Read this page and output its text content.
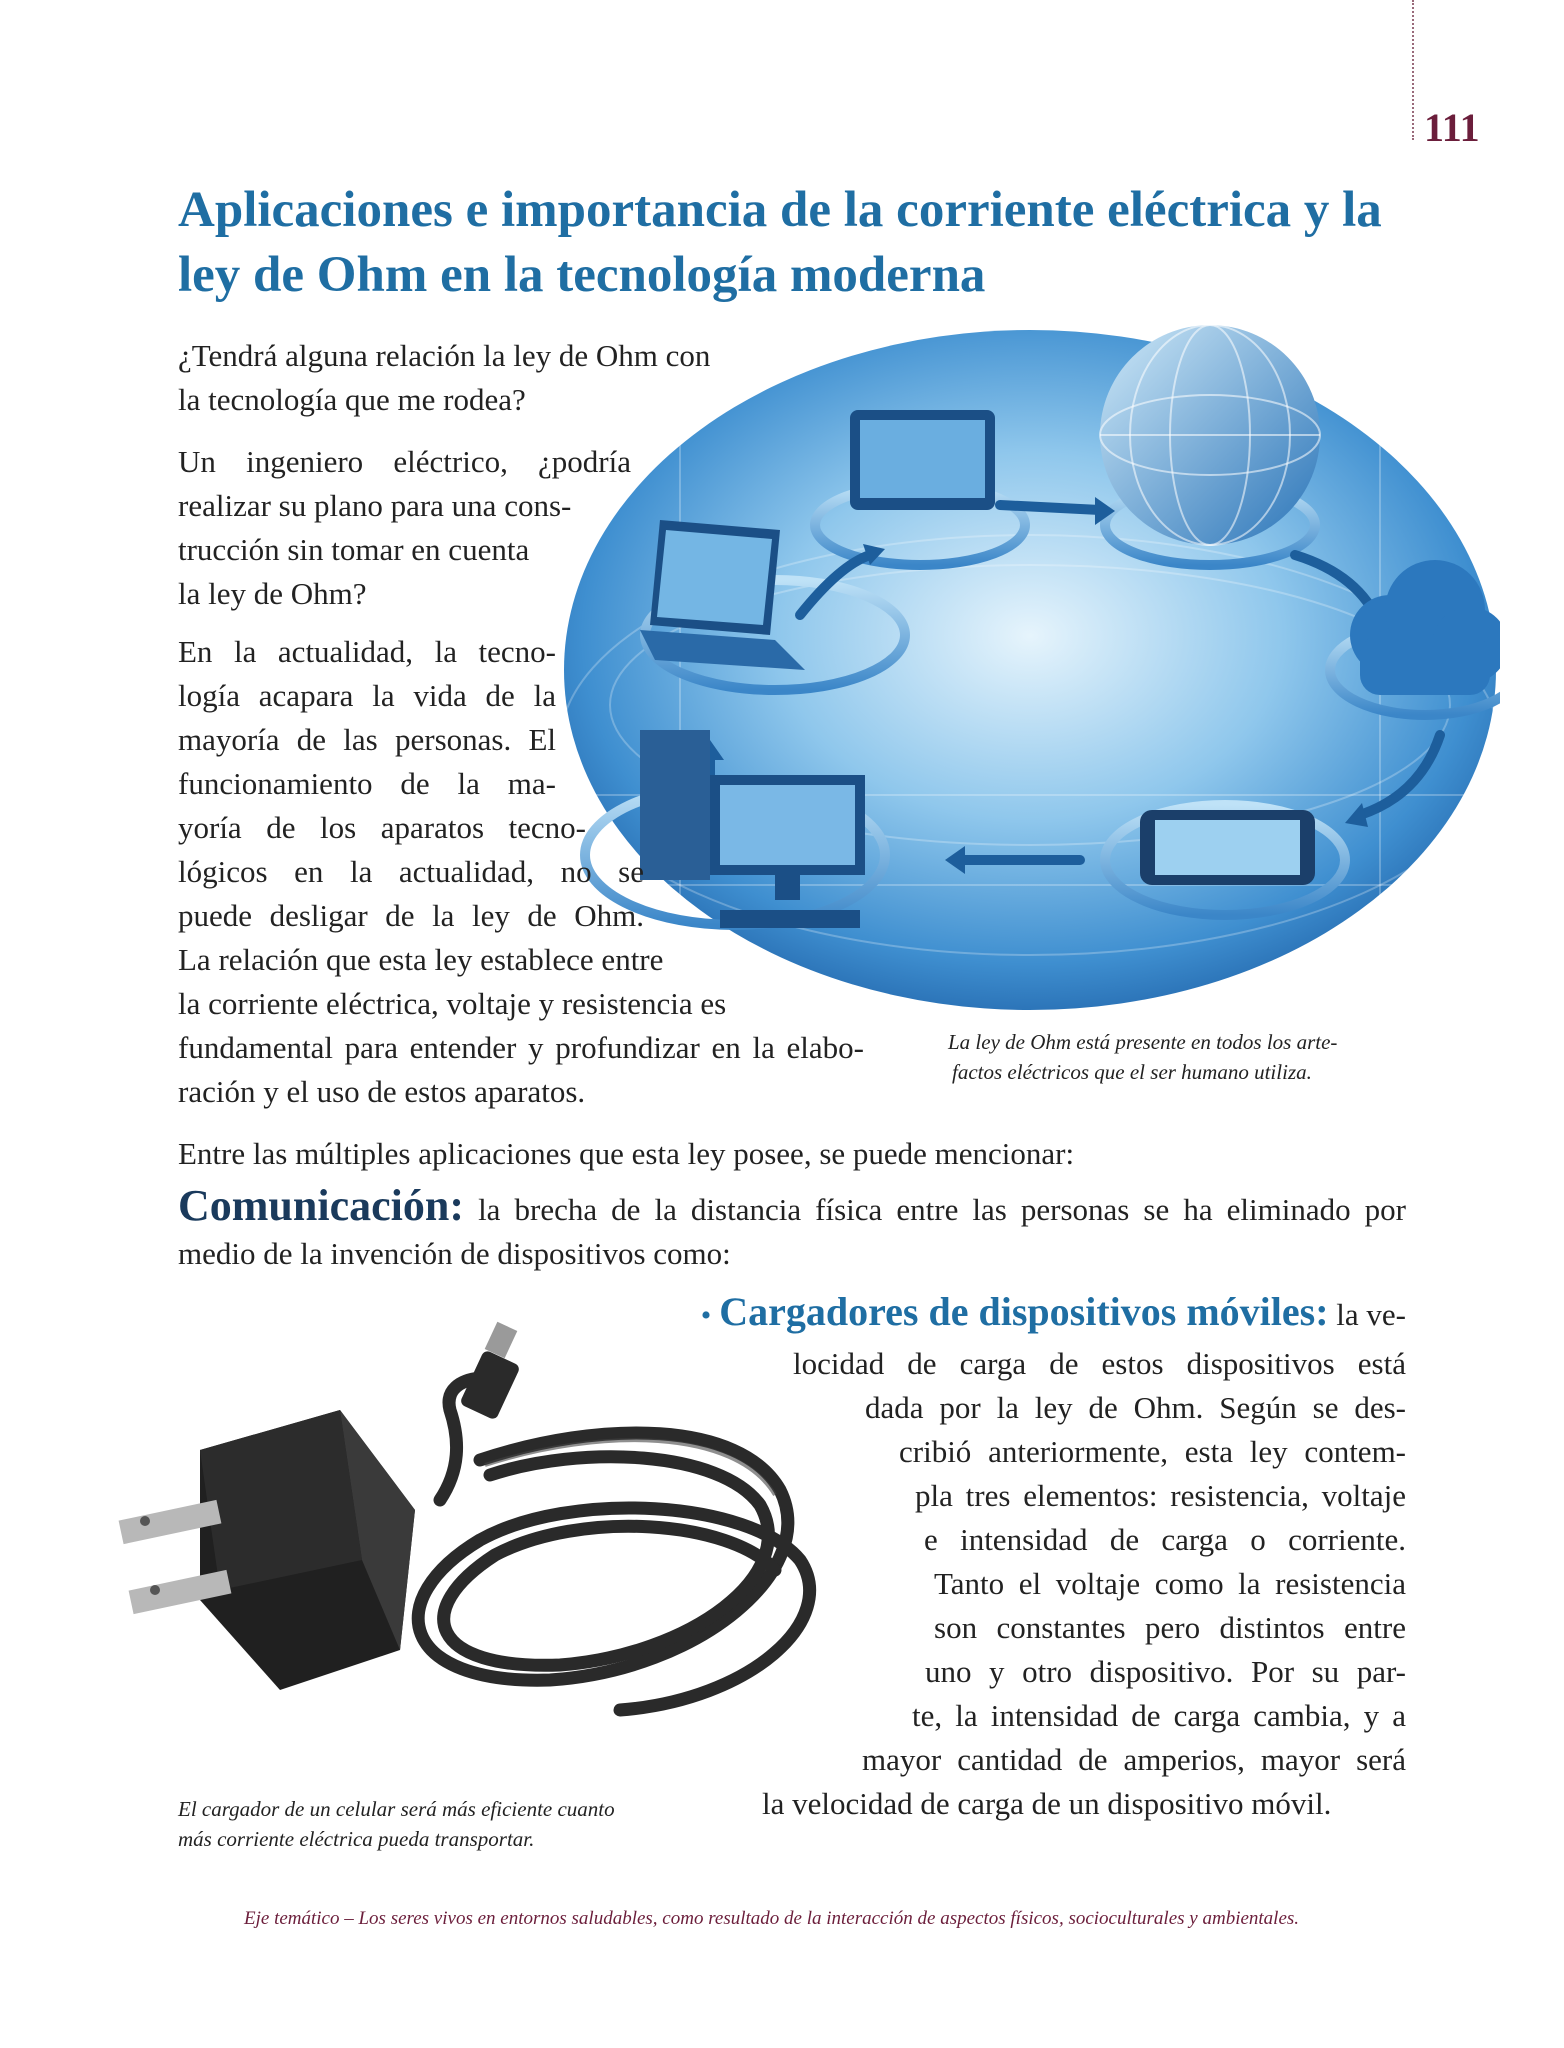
111
Aplicaciones e importancia de la corriente eléctrica y la
ley de Ohm en la tecnología moderna
¿Tendrá alguna relación la ley de Ohm con
la tecnología que me rodea?
Un ingeniero eléctrico, ¿podría
realizar su plano para una cons-
trucción sin tomar en cuenta
la ley de Ohm?
En la actualidad, la tecno-
logía acapara la vida de la
mayoría de las personas. El
funcionamiento de la ma-
yoría de los aparatos tecno-
lógicos en la actualidad, no se
puede desligar de la ley de Ohm.
La relación que esta ley establece entre
la corriente eléctrica, voltaje y resistencia es
fundamental para entender y profundizar en la elabo-
ración y el uso de estos aparatos.
La ley de Ohm está presente en todos los arte-
factos eléctricos que el ser humano utiliza.
Entre las múltiples aplicaciones que esta ley posee, se puede mencionar:
Comunicación: la brecha de la distancia física entre las personas se ha eliminado por
medio de la invención de dispositivos como:
• Cargadores de dispositivos móviles: la ve-
locidad de carga de estos dispositivos está
dada por la ley de Ohm. Según se des-
cribió anteriormente, esta ley contem-
pla tres elementos: resistencia, voltaje
e intensidad de carga o corriente.
Tanto el voltaje como la resistencia
son constantes pero distintos entre
uno y otro dispositivo. Por su par-
te, la intensidad de carga cambia, y a
mayor cantidad de amperios, mayor será
la velocidad de carga de un dispositivo móvil.
El cargador de un celular será más eficiente cuanto
más corriente eléctrica pueda transportar.
Eje temático – Los seres vivos en entornos saludables, como resultado de la interacción de aspectos físicos, socioculturales y ambientales.
